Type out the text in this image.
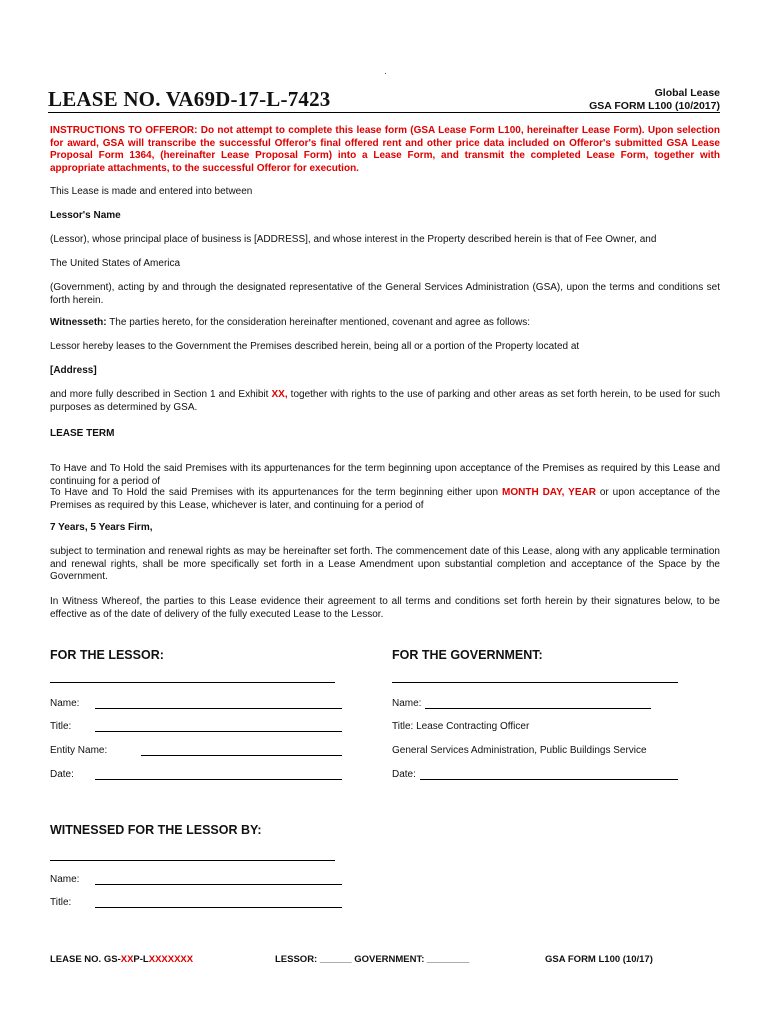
.
LEASE NO. VA69D-17-L-7423	Global Lease
GSA FORM L100 (10/2017)
INSTRUCTIONS TO OFFEROR: Do not attempt to complete this lease form (GSA Lease Form L100, hereinafter Lease Form). Upon selection for award, GSA will transcribe the successful Offeror's final offered rent and other price data included on Offeror's submitted GSA Lease Proposal Form 1364, (hereinafter Lease Proposal Form) into a Lease Form, and transmit the completed Lease Form, together with appropriate attachments, to the successful Offeror for execution.
This Lease is made and entered into between
Lessor's Name
(Lessor), whose principal place of business is [ADDRESS], and whose interest in the Property described herein is that of Fee Owner, and
The United States of America
(Government), acting by and through the designated representative of the General Services Administration (GSA), upon the terms and conditions set forth herein.
Witnesseth: The parties hereto, for the consideration hereinafter mentioned, covenant and agree as follows:
Lessor hereby leases to the Government the Premises described herein, being all or a portion of the Property located at
[Address]
and more fully described in Section 1 and Exhibit XX, together with rights to the use of parking and other areas as set forth herein, to be used for such purposes as determined by GSA.
LEASE TERM
To Have and To Hold the said Premises with its appurtenances for the term beginning upon acceptance of the Premises as required by this Lease and continuing for a period of
To Have and To Hold the said Premises with its appurtenances for the term beginning either upon MONTH DAY, YEAR or upon acceptance of the Premises as required by this Lease, whichever is later, and continuing for a period of
7 Years, 5 Years Firm,
subject to termination and renewal rights as may be hereinafter set forth. The commencement date of this Lease, along with any applicable termination and renewal rights, shall be more specifically set forth in a Lease Amendment upon substantial completion and acceptance of the Space by the Government.
In Witness Whereof, the parties to this Lease evidence their agreement to all terms and conditions set forth herein by their signatures below, to be effective as of the date of delivery of the fully executed Lease to the Lessor.
FOR THE LESSOR:	FOR THE GOVERNMENT:
Name:	Name:
Title:	Title: Lease Contracting Officer
Entity Name:	General Services Administration, Public Buildings Service
Date:	Date:
WITNESSED FOR THE LESSOR BY:
Name:
Title:
LEASE NO. GS-XXP-LXXXXXXX	LESSOR: ______ GOVERNMENT: ________	GSA FORM L100 (10/17)
